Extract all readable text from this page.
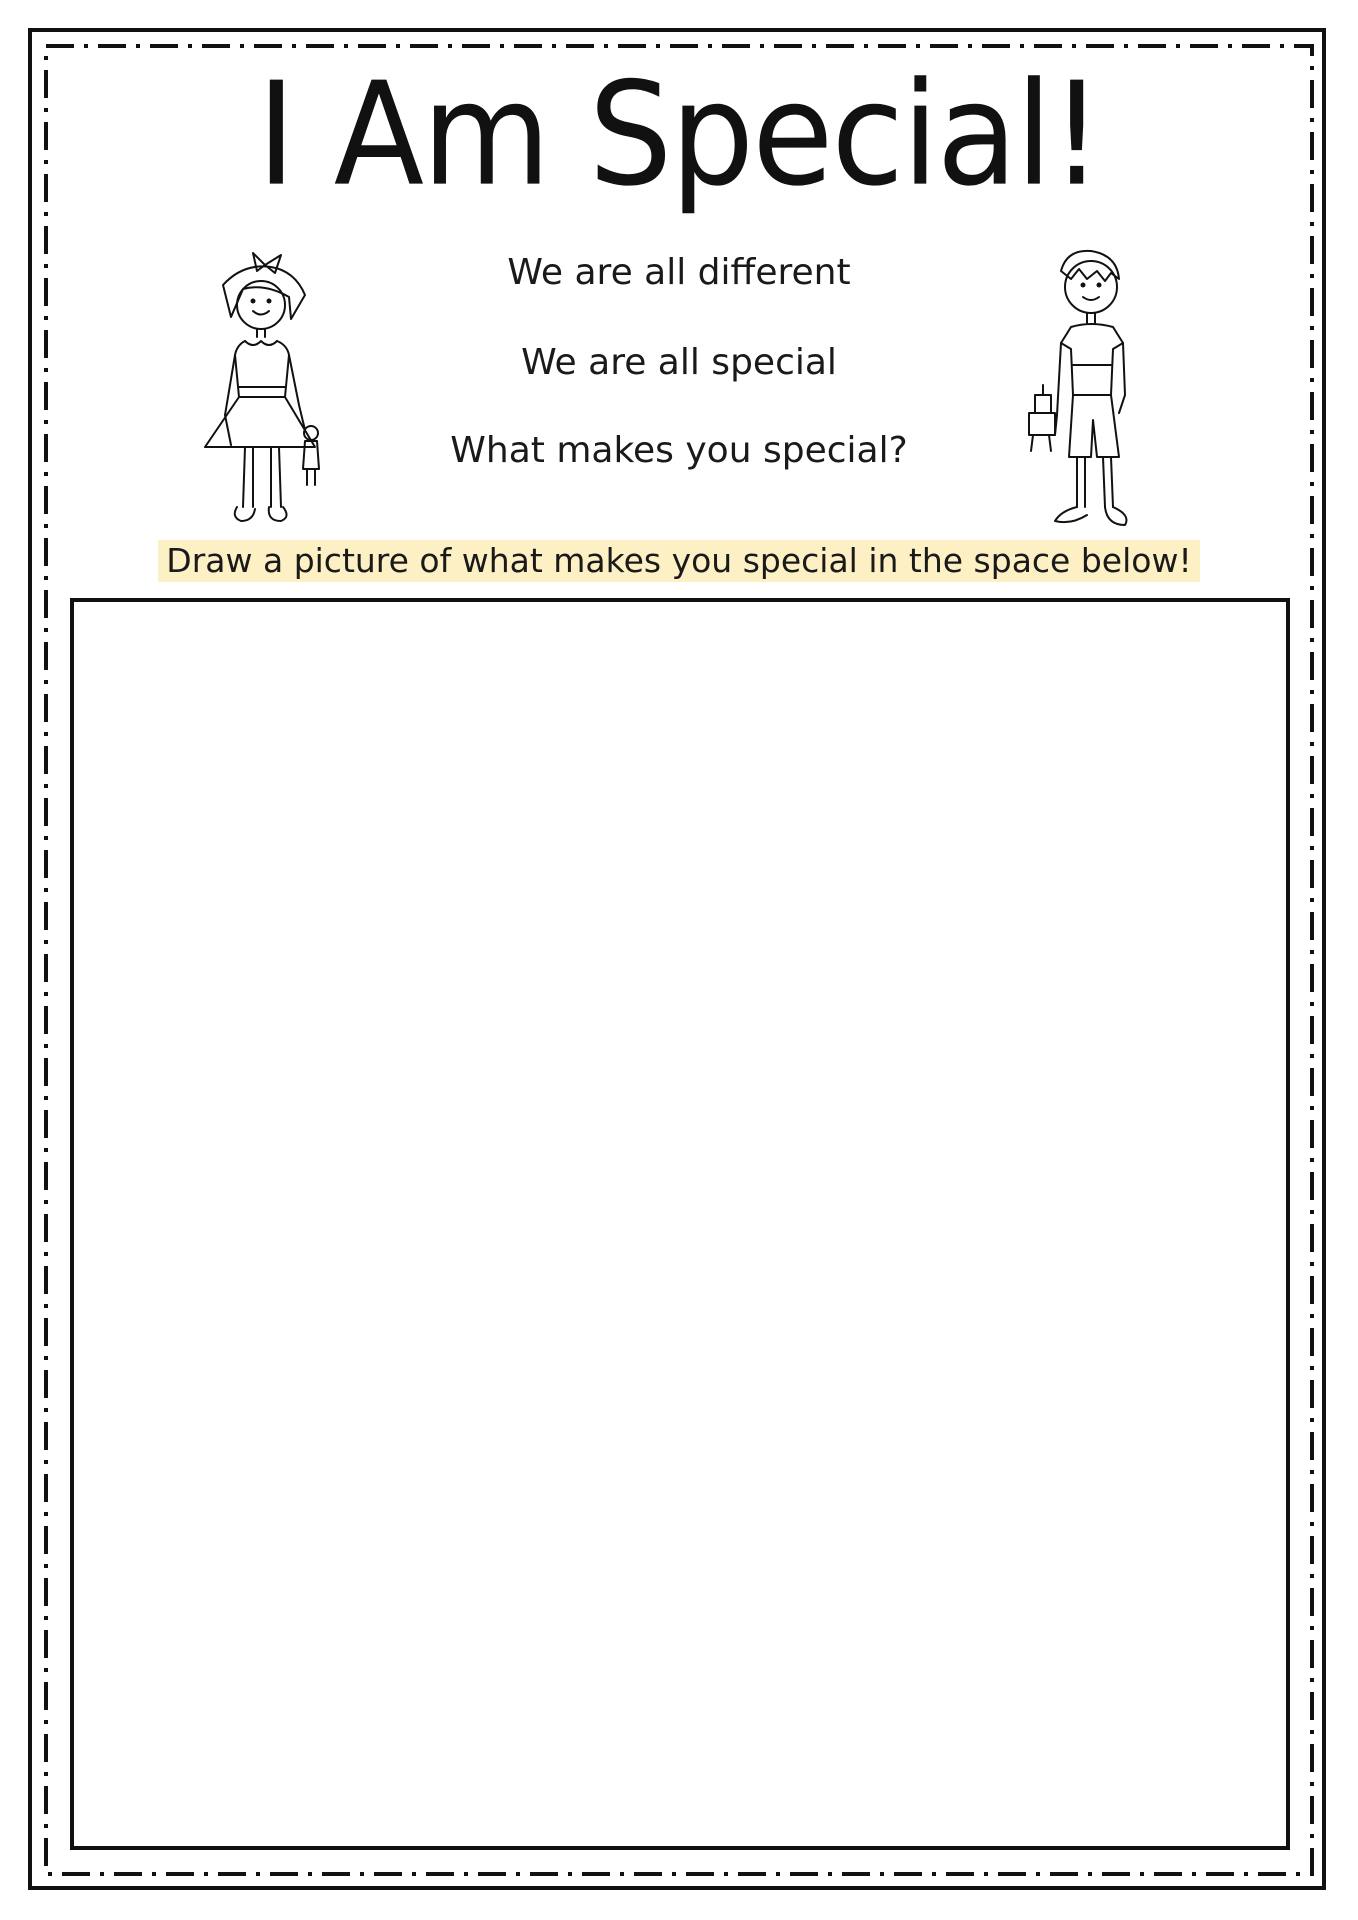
I Am Special!
We are all different
We are all special
What makes you special?
Draw a picture of what makes you special in the space below!
